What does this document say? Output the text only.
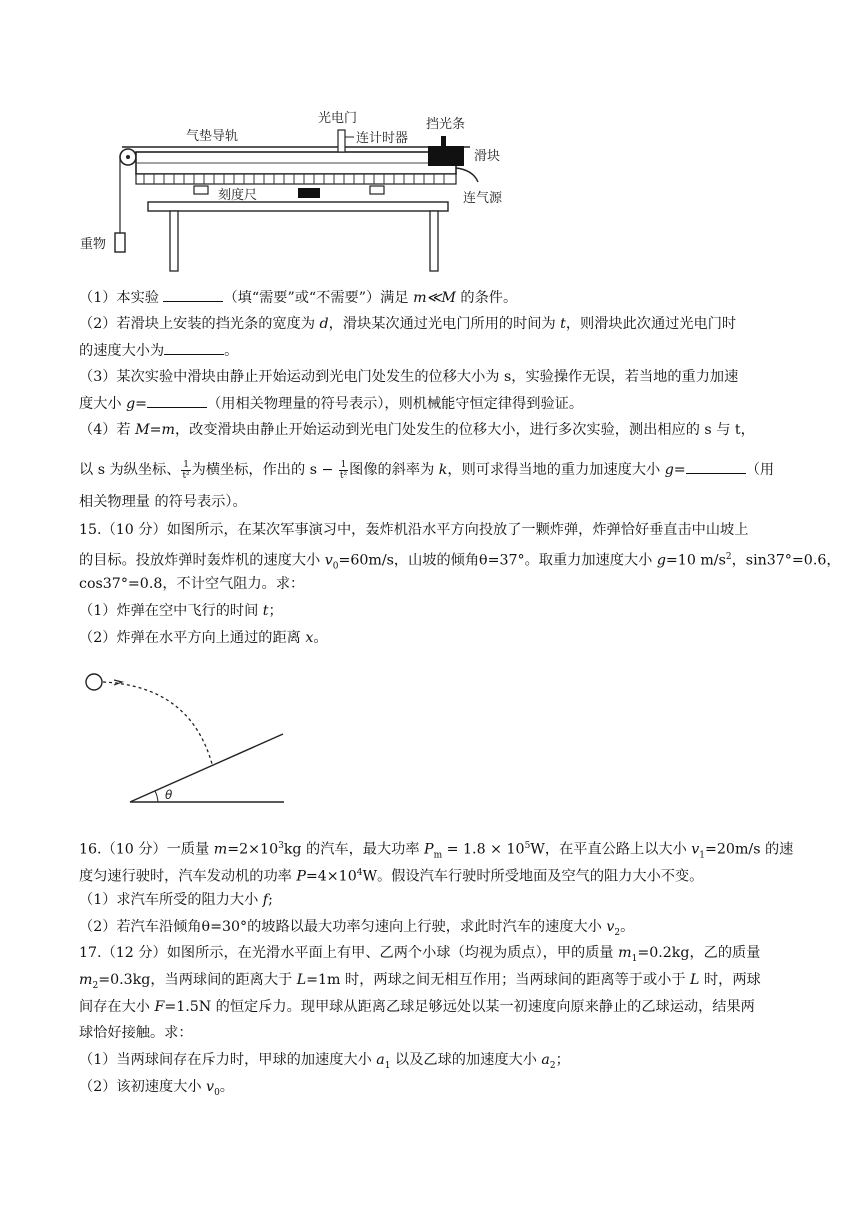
气垫导轨
光电门
连计时器
挡光条
滑块
刻度尺	连气源
重物
（1）本实验	（填“需要”或“不需要”）满足 m≪M 的条件。
（2）若滑块上安装的挡光条的宽度为 d，滑块某次通过光电门所用的时间为 t，则滑块此次通过光电门时
的速度大小为	。
（3）某次实验中滑块由静止开始运动到光电门处发生的位移大小为 s，实验操作无误，若当地的重力加速
度大小 g=	（用相关物理量的符号表示），则机械能守恒定律得到验证。
（4）若 M=m，改变滑块由静止开始运动到光电门处发生的位移大小，进行多次实验，测出相应的 s 与 t，
以 s 为纵坐标、 $\frac{1}{\text{t²}}$ 为横坐标，作出的 $s - \frac{1}{\text{t²}}$ 图像的斜率为 k，则可求得当地的重力加速度大小 g=	（用
相关物理量 的符号表示）。
15.（10 分）如图所示，在某次军事演习中，轰炸机沿水平方向投放了一颗炸弹，炸弹恰好垂直击中山坡上
的目标。投放炸弹时轰炸机的速度大小 $v_0=60m/s$，山坡的倾角θ=37°。取重力加速度大小 g=10 $m/s^2$，sin37°=0.6，
cos37°=0.8，不计空气阻力。求：
（1）炸弹在空中飞行的时间 t；
（2）炸弹在水平方向上通过的距离 x。
θ
16.（10 分）一质量 $m=2\times 10^3kg$ 的汽车，最大功率 $P_m = 1.8 \times 10^5W$，在平直公路上以大小 $v_1=20m/s$ 的速
度匀速行驶时，汽车发动机的功率 $P=4\times 10^4W$。假设汽车行驶时所受地面及空气的阻力大小不变。
（1）求汽车所受的阻力大小 f;
（2）若汽车沿倾角θ=30°的坡路以最大功率匀速向上行驶，求此时汽车的速度大小 $v_2$。
17.（12 分）如图所示，在光滑水平面上有甲、乙两个小球（均视为质点），甲的质量 $m_1=0.2kg$，乙的质量
$m_2=0.3kg$，当两球间的距离大于 L=1m 时，两球之间无相互作用；当两球间的距离等于或小于 L 时，两球
间存在大小 F=1.5N 的恒定斥力。现甲球从距离乙球足够远处以某一初速度向原来静止的乙球运动，结果两
球恰好接触。求：
（1）当两球间存在斥力时，甲球的加速度大小 $a_1$ 以及乙球的加速度大小 $a_2$；
（2）该初速度大小 $v_0$。
